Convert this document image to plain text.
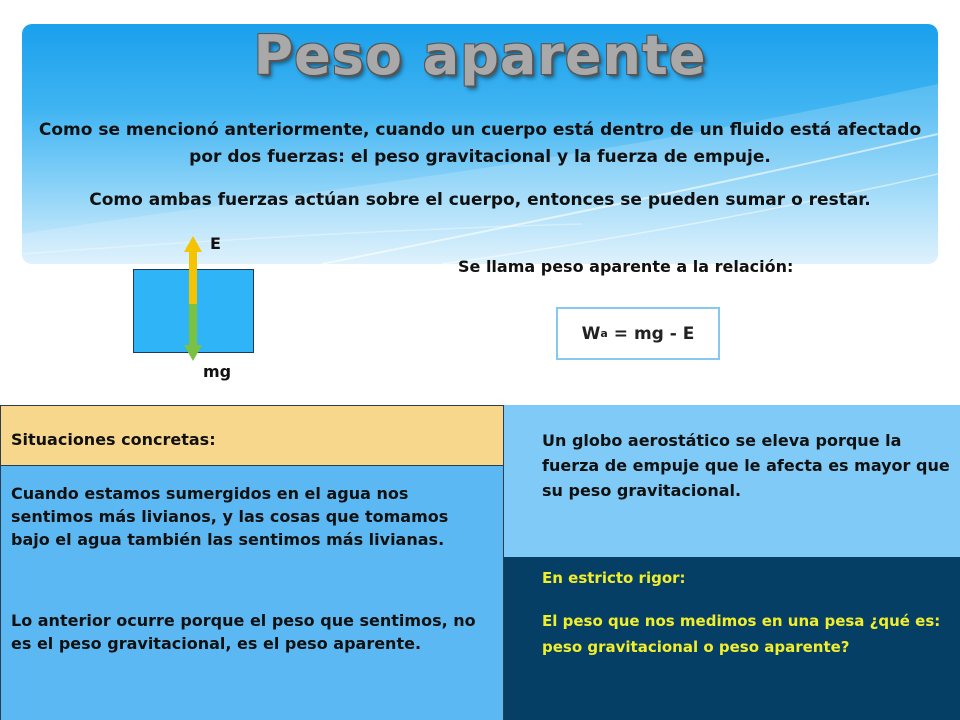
Peso aparente
Como se mencionó anteriormente, cuando un cuerpo está dentro de un fluido está afectado
por dos fuerzas: el peso gravitacional y la fuerza de empuje.
Como ambas fuerzas actúan sobre el cuerpo, entonces se pueden sumar o restar.
E
mg
Se llama peso aparente a la relación:
W a = mg - E
Situaciones concretas:
Cuando estamos sumergidos en el agua nos sentimos más livianos, y las cosas que tomamos bajo el agua también las sentimos más livianas.
Lo anterior ocurre porque el peso que sentimos, no es el peso gravitacional, es el peso aparente.
Un globo aerostático se eleva porque la fuerza de empuje que le afecta es mayor que su peso gravitacional.
En estricto rigor:
El peso que nos medimos en una pesa ¿qué es: peso gravitacional o peso aparente?
